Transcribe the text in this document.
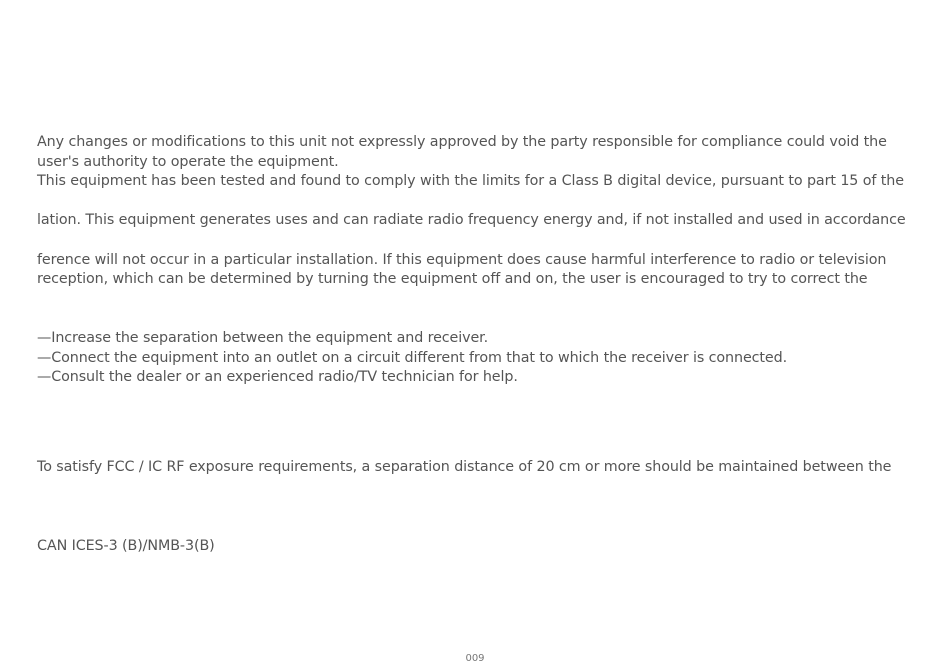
Any changes or modifications to this unit not expressly approved by the party responsible for compliance could void the
user's authority to operate the equipment.
This equipment has been tested and found to comply with the limits for a Class B digital device, pursuant to part 15 of the
lation. This equipment generates uses and can radiate radio frequency energy and, if not installed and used in accordance
ference will not occur in a particular installation. If this equipment does cause harmful interference to radio or television
reception, which can be determined by turning the equipment off and on, the user is encouraged to try to correct the
—Increase the separation between the equipment and receiver.
—Connect the equipment into an outlet on a circuit different from that to which the receiver is connected.
—Consult the dealer or an experienced radio/TV technician for help.
To satisfy FCC / IC RF exposure requirements, a separation distance of 20 cm or more should be maintained between the
CAN ICES-3 (B)/NMB-3(B)
009
